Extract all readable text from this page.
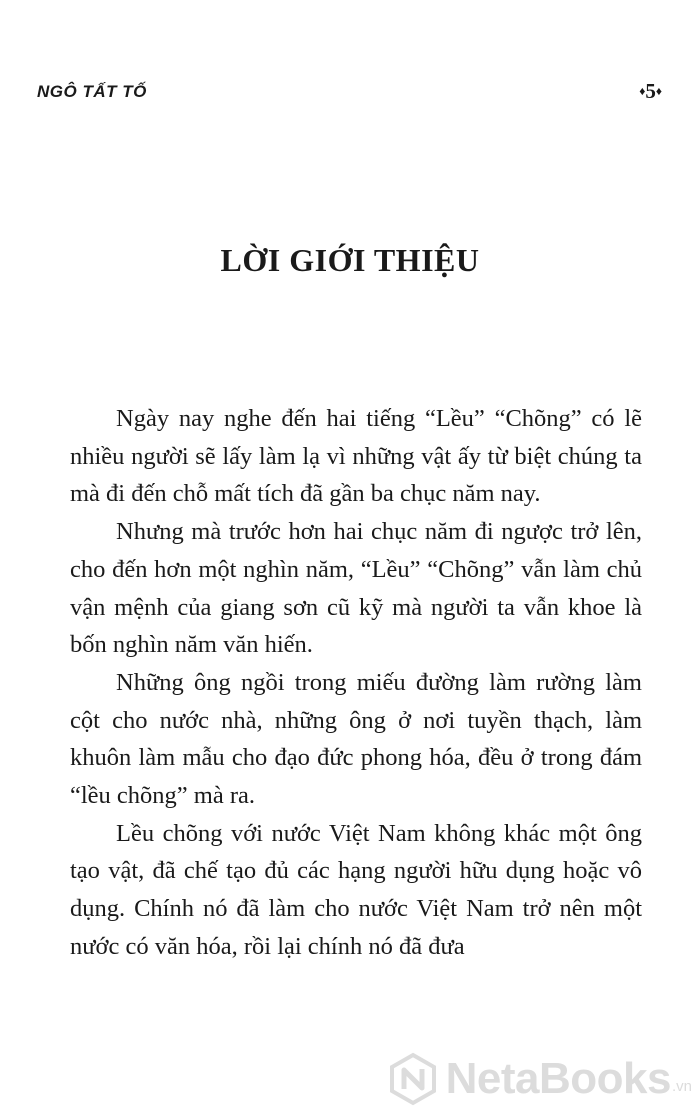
NGÔ TẤT TỐ	♦5♦
LỜI GIỚI THIỆU

Ngày nay nghe đến hai tiếng “Lều” “Chõng” có lẽ nhiều người sẽ lấy làm lạ vì những vật ấy từ biệt chúng ta mà đi đến chỗ mất tích đã gần ba chục năm nay.

Nhưng mà trước hơn hai chục năm đi ngược trở lên, cho đến hơn một nghìn năm, “Lều” “Chõng” vẫn làm chủ vận mệnh của giang sơn cũ kỹ mà người ta vẫn khoe là bốn nghìn năm văn hiến.

Những ông ngồi trong miếu đường làm rường làm cột cho nước nhà, những ông ở nơi tuyền thạch, làm khuôn làm mẫu cho đạo đức phong hóa, đều ở trong đám “lều chõng” mà ra.

Lều chõng với nước Việt Nam không khác một ông tạo vật, đã chế tạo đủ các hạng người hữu dụng hoặc vô dụng. Chính nó đã làm cho nước Việt Nam trở nên một nước có văn hóa, rồi lại chính nó đã đưa

NetaBooks .vn
